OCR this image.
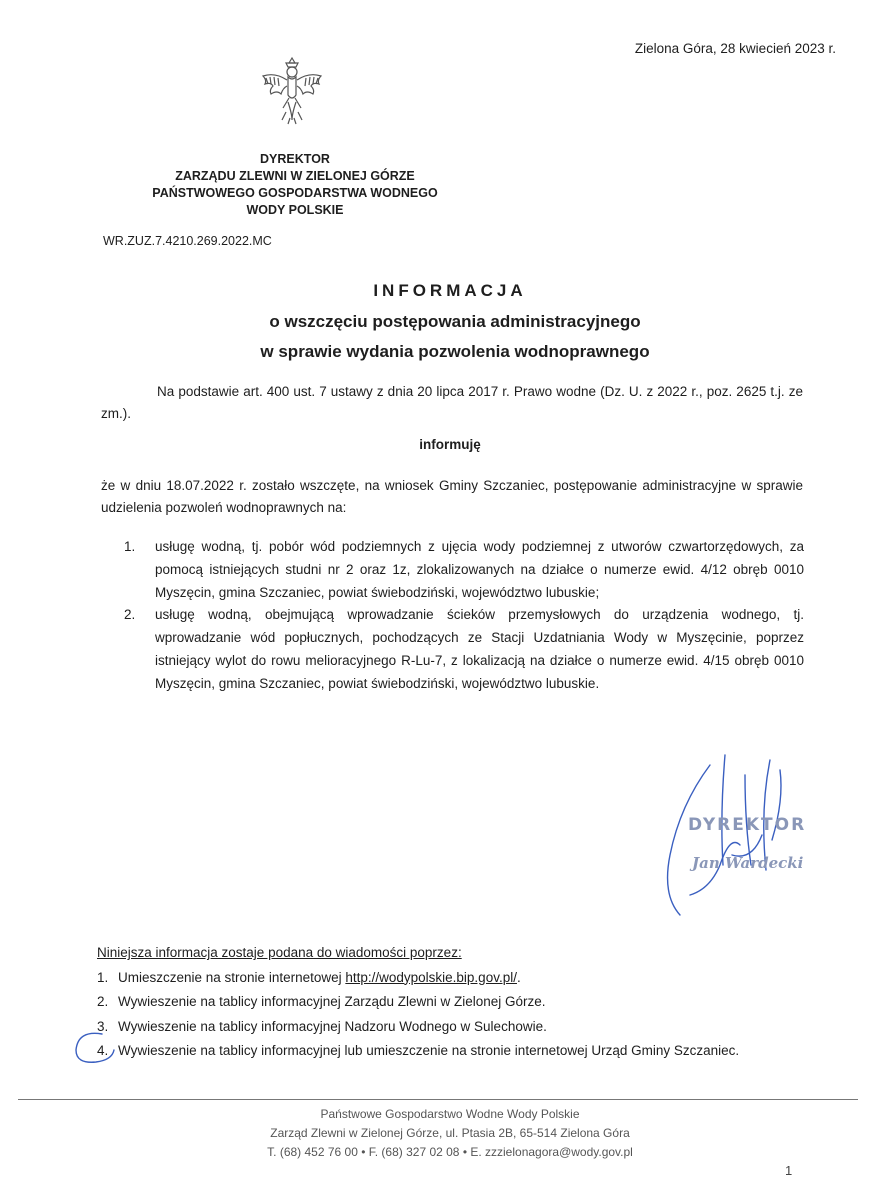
Zielona Góra, 28 kwiecień 2023 r.
DYREKTOR
ZARZĄDU ZLEWNI W ZIELONEJ GÓRZE
PAŃSTWOWEGO GOSPODARSTWA WODNEGO
WODY POLSKIE
WR.ZUZ.7.4210.269.2022.MC
INFORMACJA
o wszczęciu postępowania administracyjnego
w sprawie wydania pozwolenia wodnoprawnego
Na podstawie art. 400 ust. 7 ustawy z dnia 20 lipca 2017 r. Prawo wodne (Dz. U. z 2022 r., poz. 2625 t.j. ze zm.).
informuję
że w dniu 18.07.2022 r. zostało wszczęte, na wniosek Gminy Szczaniec, postępowanie administracyjne w sprawie udzielenia pozwoleń wodnoprawnych na:
1.	usługę wodną, tj. pobór wód podziemnych z ujęcia wody podziemnej z utworów czwartorzędowych, za pomocą istniejących studni nr 2 oraz 1z, zlokalizowanych na działce o numerze ewid. 4/12 obręb 0010 Myszęcin, gmina Szczaniec, powiat świebodziński, województwo lubuskie;
2.	usługę wodną, obejmującą wprowadzanie ścieków przemysłowych do urządzenia wodnego, tj. wprowadzanie wód popłucznych, pochodzących ze Stacji Uzdatniania Wody w Myszęcinie, poprzez istniejący wylot do rowu melioracyjnego R-Lu-7, z lokalizacją na działce o numerze ewid. 4/15 obręb 0010 Myszęcin, gmina Szczaniec, powiat świebodziński, województwo lubuskie.
DYREKTOR
Jan Wardecki
Niniejsza informacja zostaje podana do wiadomości poprzez:
1. Umieszczenie na stronie internetowej http://wodypolskie.bip.gov.pl/.
2. Wywieszenie na tablicy informacyjnej Zarządu Zlewni w Zielonej Górze.
3. Wywieszenie na tablicy informacyjnej Nadzoru Wodnego w Sulechowie.
4. Wywieszenie na tablicy informacyjnej lub umieszczenie na stronie internetowej Urząd Gminy Szczaniec.
Państwowe Gospodarstwo Wodne Wody Polskie
Zarząd Zlewni w Zielonej Górze, ul. Ptasia 2B, 65-514 Zielona Góra
T. (68) 452 76 00 • F. (68) 327 02 08 • E. zzzielonagora@wody.gov.pl
1
